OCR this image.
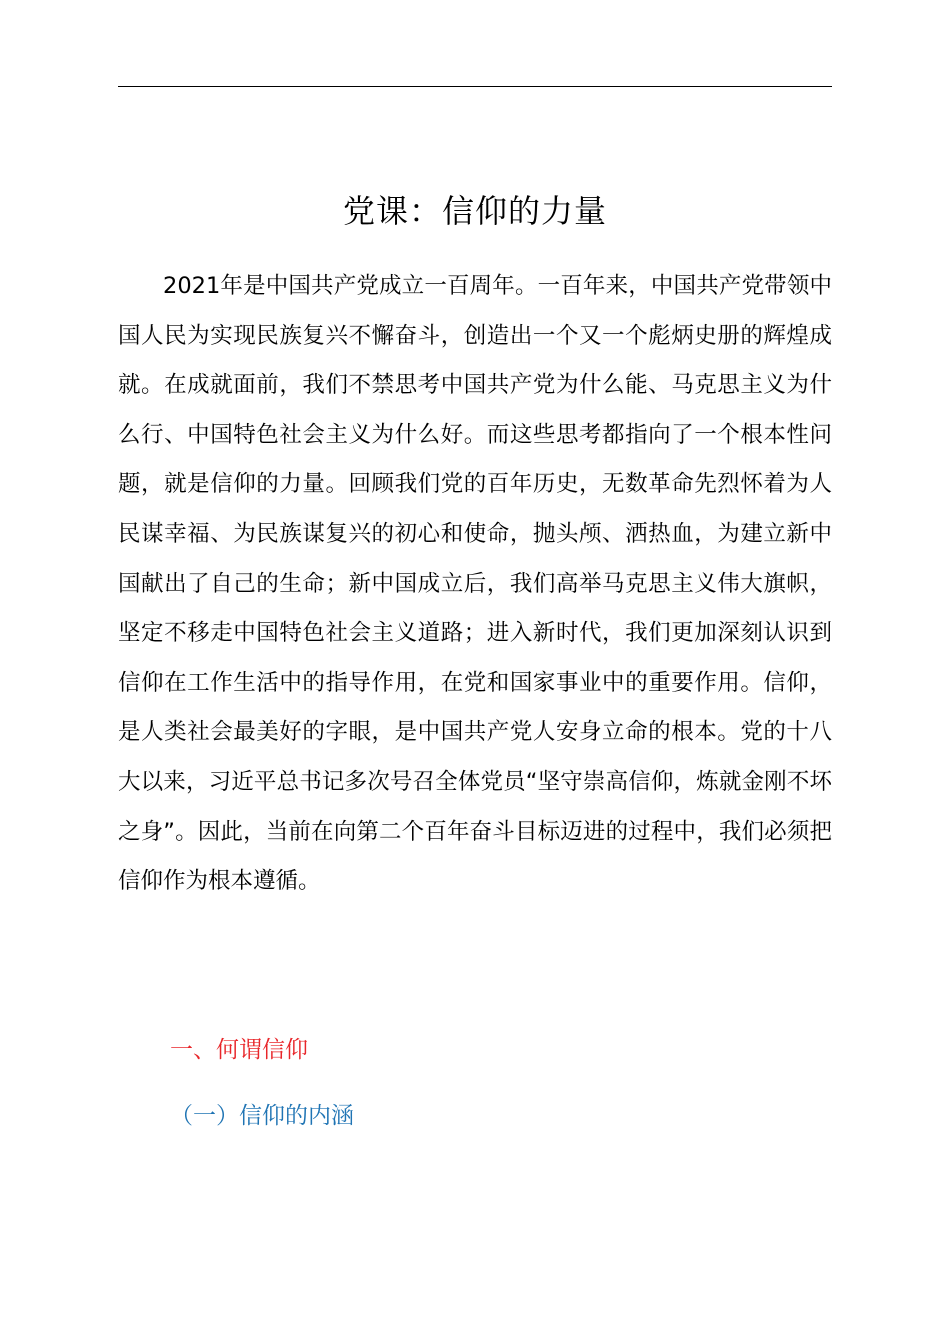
党课：信仰的力量

2021年是中国共产党成立一百周年。一百年来，中国共产党带领中国人民为实现民族复兴不懈奋斗，创造出一个又一个彪炳史册的辉煌成就。在成就面前，我们不禁思考中国共产党为什么能、马克思主义为什么行、中国特色社会主义为什么好。而这些思考都指向了一个根本性问题，就是信仰的力量。回顾我们党的百年历史，无数革命先烈怀着为人民谋幸福、为民族谋复兴的初心和使命，抛头颅、洒热血，为建立新中国献出了自己的生命；新中国成立后，我们高举马克思主义伟大旗帜，坚定不移走中国特色社会主义道路；进入新时代，我们更加深刻认识到信仰在工作生活中的指导作用，在党和国家事业中的重要作用。信仰，是人类社会最美好的字眼，是中国共产党人安身立命的根本。党的十八大以来，习近平总书记多次号召全体党员“坚守崇高信仰，炼就金刚不坏之身”。因此，当前在向第二个百年奋斗目标迈进的过程中，我们必须把信仰作为根本遵循。

一、何谓信仰
（一）信仰的内涵
